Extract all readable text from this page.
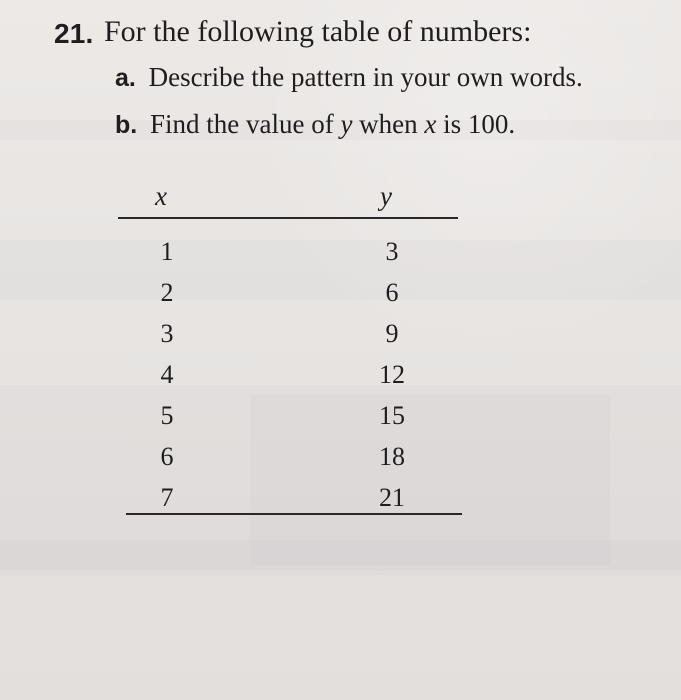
21. For the following table of numbers:
a. Describe the pattern in your own words.
b. Find the value of y when x is 100.
x	y
1
2
3
4
5
6
7
3
6
9
12
15
18
21
